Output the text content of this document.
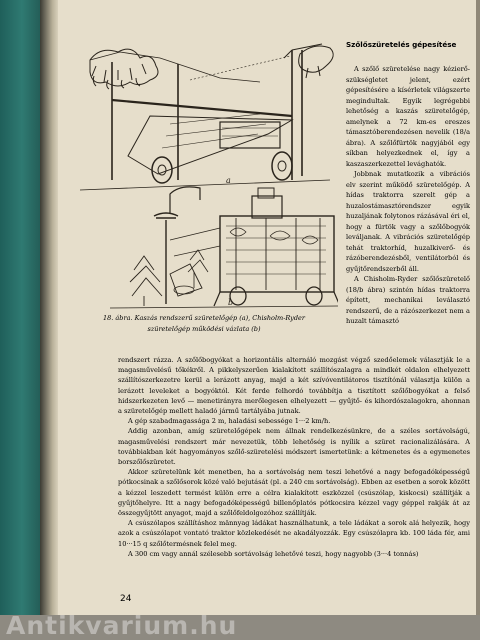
a
b
18. ábra. Kaszás rendszerű szüretelőgép (a), Chisholm-Ryder
szüretelőgép működési vázlata (b)
Szőlőszüretelés gépesítése

A szőlő szüretelése nagy kézierő-szükségletet jelent, ezért gépesítésére a kísérletek világszerte megindultak. Egyik legrégebbi lehetőség a kaszás szüretelőgép, amelynek a 72 km-es ereszes támasztóberendezésen nevelik (18/a ábra). A szőlőfürtök nagyjából egy síkban helyezkednek el, így a kaszaszerkezettel levághatók.

Jobbnak mutatkozik a vibrációs elv szerint működő szüretelőgép. A hídas traktorra szerelt gép a huzalostámasztórendszer egyik huzaljának folytonos rázásával éri el, hogy a fürtök vagy a szőlőbogyók leváljanak. A vibrációs szüretelőgép tehát traktorhíd, huzalkiverő- és rázóberendezésből, ventilátorból és gyűjtőrendszerből áll.

A Chisholm-Ryder szőlőszüretelő (18/b ábra) szintén hídas traktorra épített, mechanikai leválasztó rendszerű, de a rázószerkezet nem a huzalt támasztó

rendszert rázza. A szőlőbogyókat a horizontális alternáló mozgást végző szedőelemek választják le a magasművelésű tőkékről. A pikkelyszerűen kialakított szállítószalagra a mindkét oldalon elhelyezett szállítószerkezetre kerül a lerázott anyag, majd a két szívóventilátoros tisztítónál választja külön a lerázott leveleket a bogyóktól. Két ferde felhordó továbbítja a tisztított szőlőbogyókat a felső hidszerkezeten levő — menetirányra merőlegesen elhelyezett — gyűjtő- és kihordószalagokra, ahonnan a szüretelőgép mellett haladó jármű tartályába jutnak.

A gép szabadmagassága 2 m, haladási sebessége 1···2 km/h.

Addig azonban, amíg szüretelőgépek nem állnak rendelkezésünkre, de a széles sortávolságú, magasművelési rendszert már nevezetük, több lehetőség is nyílik a szüret racionalizálására. A továbbiakban két hagyományos szőlő-szüretelési módszert ismertetünk: a kétmenetes és a egymenetes borszőlőszüretet.

Akkor szüretelünk két menetben, ha a sortávolság nem teszi lehetővé a nagy befogadóképességű pótkocsinak a szőlősorok közé való bejutását (pl. a 240 cm sortávolság). Ebben az esetben a sorok között a kézzel leszedett termést külön erre a célra kialakított eszközzel (csúszólap, kiskocsi) szállítják a gyűjtőhelyre. Itt a nagy befogadóképességű billenőplatós pótkocsira kézzel vagy géppel rakják át az összegyűjtött anyagot, majd a szőlőfeldolgozóhoz szállítják.

A csúszólapos szállításhoz männyag ládákat használhatunk, a tele ládákat a sorok alá helyezik, hogy azok a csúszólapot vontató traktor közlekedését ne akadályozzák. Egy csúszólapra kb. 100 láda fér, ami 10···15 q szőlőtermésnek felel meg.

A 300 cm vagy annál szélesebb sortávolság lehetővé teszi, hogy nagyobb (3···4 tonnás)

24
Antikvarium.hu
